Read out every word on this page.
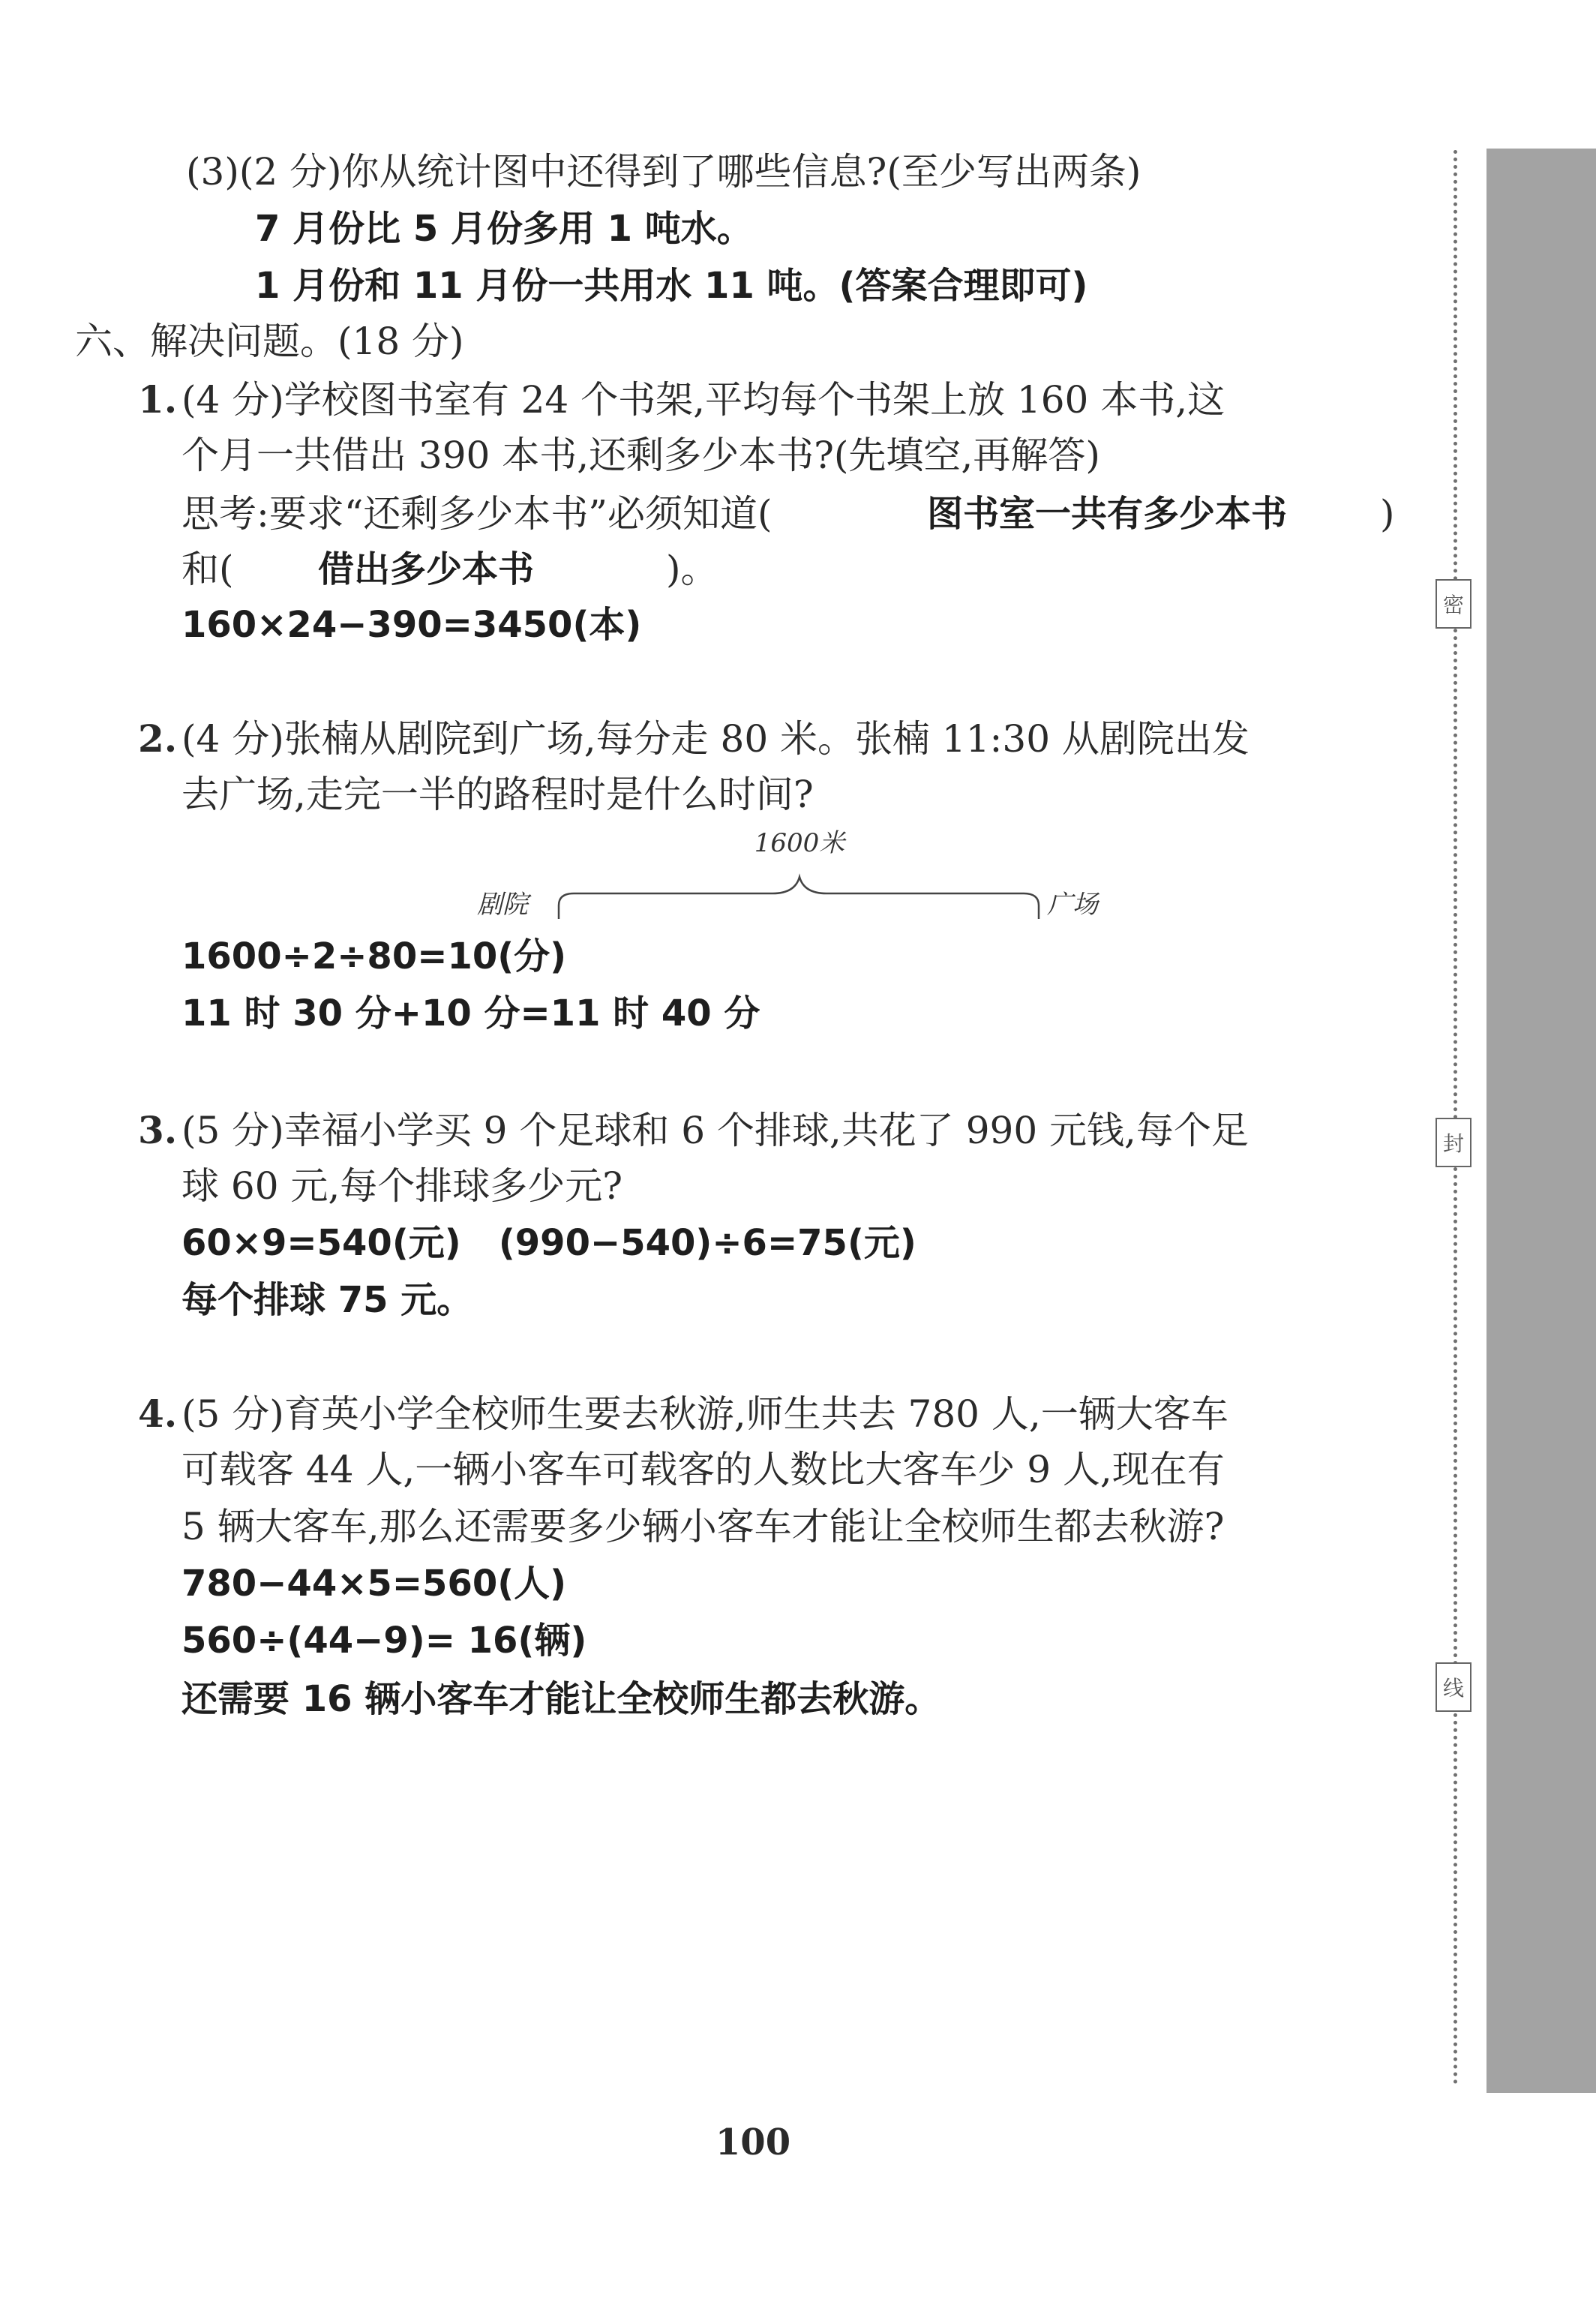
(3)(2 分)你从统计图中还得到了哪些信息?(至少写出两条)
7 月份比 5 月份多用 1 吨水。
1 月份和 11 月份一共用水 11 吨。(答案合理即可)
六、解决问题。(18 分)
1. (4 分)学校图书室有 24 个书架,平均每个书架上放 160 本书,这
个月一共借出 390 本书,还剩多少本书?(先填空,再解答)
思考:要求“还剩多少本书”必须知道(	图书室一共有多少本书 )
和( 借出多少本书	)。
160×24−390=3450(本)
2. (4 分)张楠从剧院到广场,每分走 80 米。张楠 11:30 从剧院出发
去广场,走完一半的路程时是什么时间?
1600米
剧院	广场
1600÷2÷80=10(分)
11 时 30 分+10 分=11 时 40 分
3. (5 分)幸福小学买 9 个足球和 6 个排球,共花了 990 元钱,每个足
球 60 元,每个排球多少元?
60×9=540(元)   (990−540)÷6=75(元)
每个排球 75 元。
4. (5 分)育英小学全校师生要去秋游,师生共去 780 人,一辆大客车
可载客 44 人,一辆小客车可载客的人数比大客车少 9 人,现在有
5 辆大客车,那么还需要多少辆小客车才能让全校师生都去秋游?
780−44×5=560(人)
560÷(44−9)= 16(辆)
还需要 16 辆小客车才能让全校师生都去秋游。
密
封
线
100
